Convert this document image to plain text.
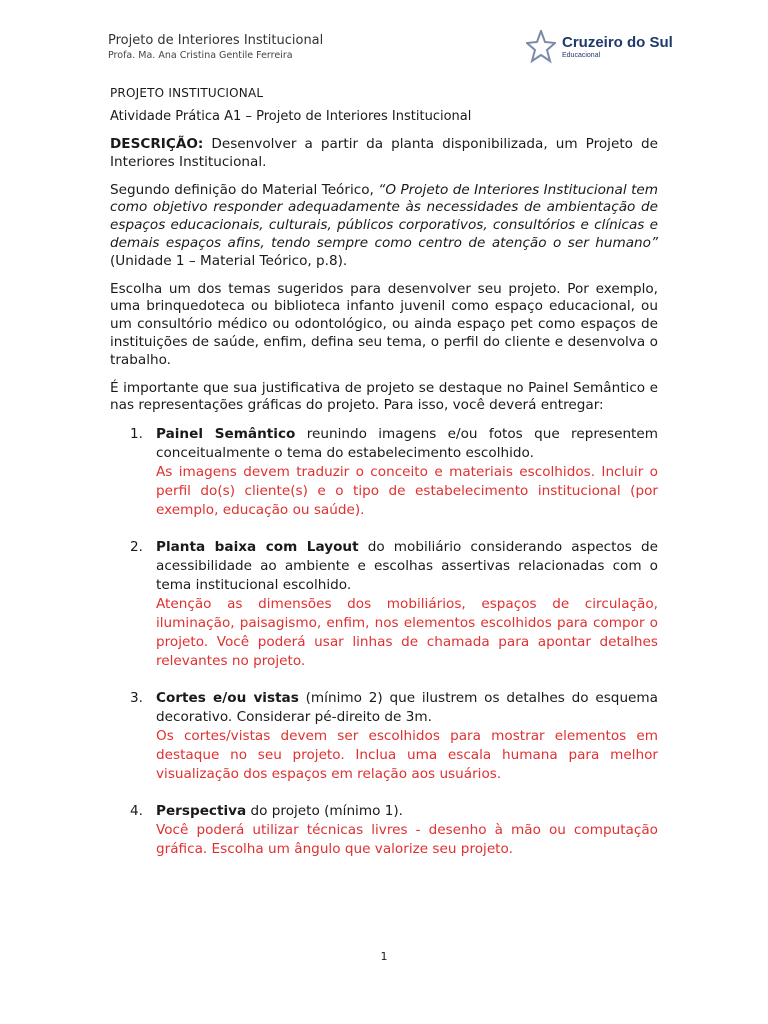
Projeto de Interiores Institucional
Profa. Ma. Ana Cristina Gentile Ferreira
Cruzeiro do Sul
Educacional
PROJETO INSTITUCIONAL
Atividade Prática A1 – Projeto de Interiores Institucional

DESCRIÇÃO: Desenvolver a partir da planta disponibilizada, um Projeto de Interiores Institucional.

Segundo definição do Material Teórico, “O Projeto de Interiores Institucional tem como objetivo responder adequadamente às necessidades de ambientação de espaços educacionais, culturais, públicos corporativos, consultórios e clínicas e demais espaços afins, tendo sempre como centro de atenção o ser humano” (Unidade 1 – Material Teórico, p.8).

Escolha um dos temas sugeridos para desenvolver seu projeto. Por exemplo, uma brinquedoteca ou biblioteca infanto juvenil como espaço educacional, ou um consultório médico ou odontológico, ou ainda espaço pet como espaços de instituições de saúde, enfim, defina seu tema, o perfil do cliente e desenvolva o trabalho.

É importante que sua justificativa de projeto se destaque no Painel Semântico e nas representações gráficas do projeto. Para isso, você deverá entregar:

1. Painel Semântico reunindo imagens e/ou fotos que representem conceitualmente o tema do estabelecimento escolhido.
As imagens devem traduzir o conceito e materiais escolhidos. Incluir o perfil do(s) cliente(s) e o tipo de estabelecimento institucional (por exemplo, educação ou saúde).
2. Planta baixa com Layout do mobiliário considerando aspectos de acessibilidade ao ambiente e escolhas assertivas relacionadas com o tema institucional escolhido.
Atenção as dimensões dos mobiliários, espaços de circulação, iluminação, paisagismo, enfim, nos elementos escolhidos para compor o projeto. Você poderá usar linhas de chamada para apontar detalhes relevantes no projeto.
3. Cortes e/ou vistas (mínimo 2) que ilustrem os detalhes do esquema decorativo. Considerar pé-direito de 3m.
Os cortes/vistas devem ser escolhidos para mostrar elementos em destaque no seu projeto. Inclua uma escala humana para melhor visualização dos espaços em relação aos usuários.
4. Perspectiva do projeto (mínimo 1).
Você poderá utilizar técnicas livres - desenho à mão ou computação gráfica. Escolha um ângulo que valorize seu projeto.
1
